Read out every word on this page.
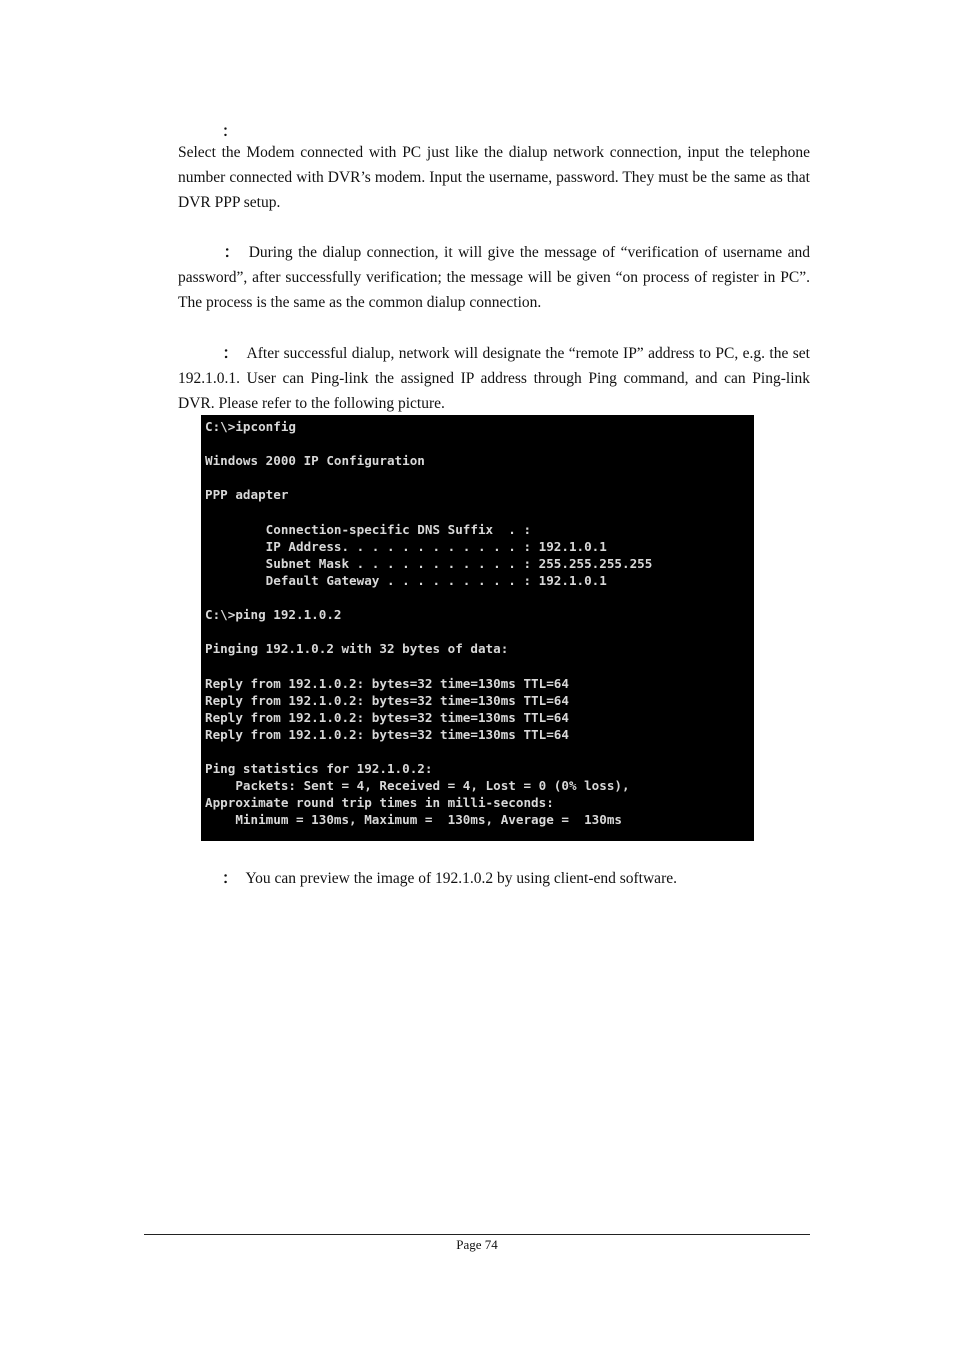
：

Select the Modem connected with PC just like the dialup network connection, input the telephone number connected with DVR’s modem. Input the username, password. They must be the same as that DVR PPP setup.

： During the dialup connection, it will give the message of “verification of username and password”, after successfully verification; the message will be given “on process of register in PC”. The process is the same as the common dialup connection.

： After successful dialup, network will designate the “remote IP” address to PC, e.g. the set 192.1.0.1. User can Ping-link the assigned IP address through Ping command, and can Ping-link DVR. Please refer to the following picture.

C:\>ipconfig
Windows 2000 IP Configuration
PPP adapter
Connection-specific DNS Suffix  . :
IP Address. . . . . . . . . . . . : 192.1.0.1
Subnet Mask . . . . . . . . . . . : 255.255.255.255
Default Gateway . . . . . . . . . : 192.1.0.1
C:\>ping 192.1.0.2
Pinging 192.1.0.2 with 32 bytes of data:
Reply from 192.1.0.2: bytes=32 time=130ms TTL=64
Reply from 192.1.0.2: bytes=32 time=130ms TTL=64
Reply from 192.1.0.2: bytes=32 time=130ms TTL=64
Reply from 192.1.0.2: bytes=32 time=130ms TTL=64
Ping statistics for 192.1.0.2:
Packets: Sent = 4, Received = 4, Lost = 0 (0% loss),
Approximate round trip times in milli-seconds:
Minimum = 130ms, Maximum =  130ms, Average =  130ms
： You can preview the image of 192.1.0.2 by using client-end software.
Page 74
